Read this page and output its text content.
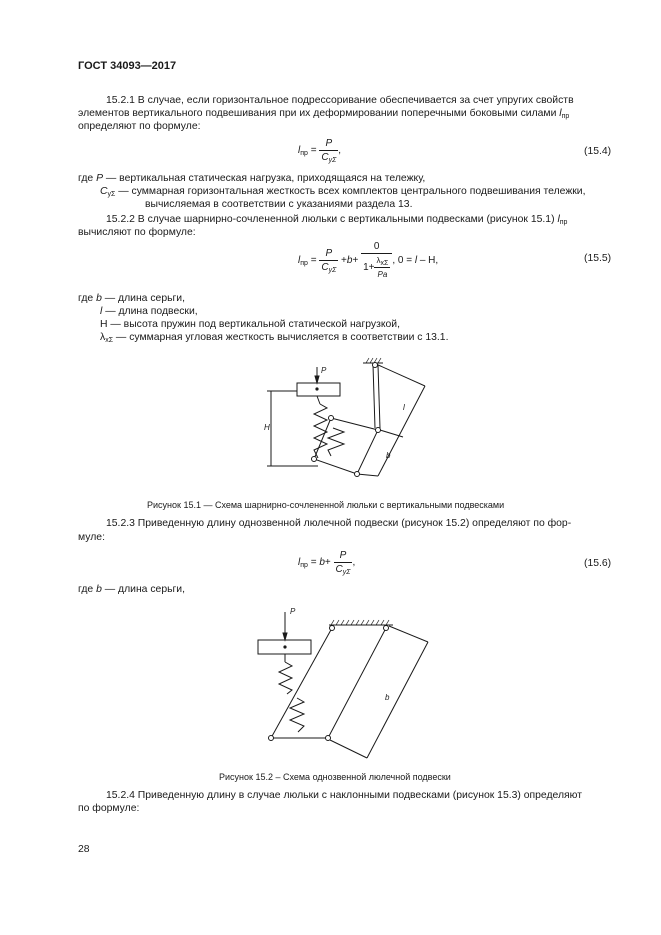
ГОСТ 34093—2017
15.2.1 В случае, если горизонтальное подрессоривание обеспечивается за счет упругих свойств
элементов вертикального подвешивания при их деформировании поперечными боковыми силами $l_{пр}$
определяют по формуле:
$l_{пр} = \frac{P}{C_{y\Sigma}}$ ,	(15.4)
где P — вертикальная статическая нагрузка, приходящаяся на тележку,
$C_{y\Sigma}$ — суммарная горизонтальная жесткость всех комплектов центрального подвешивания тележки,
вычисляемая в соответствии с указаниями раздела 13.
15.2.2 В случае шарнирно-сочлененной люльки с вертикальными подвесками (рисунок 15.1) $l_{пр}$
вычисляют по формуле:
$l_{пр} = \frac{P}{C_{y\Sigma}} +b+ \frac{0}{1+ \frac{\lambda_{x\Sigma}}{Pa}}$ , 0 = l – Н,	(15.5)
где b — длина серьги,
l — длина подвески,
Н — высота пружин под вертикальной статической нагрузкой,
$\lambda_{x\Sigma}$ — суммарная угловая жесткость вычисляется в соответствии с 13.1.
P
H
l
b
Рисунок 15.1 — Схема шарнирно-сочлененной люльки с вертикальными подвесками
15.2.3 Приведенную длину однозвенной люлечной подвески (рисунок 15.2) определяют по фор-
муле:
$l_{пр} = b+ \frac{P}{C_{y\Sigma}}$ ,	(15.6)
где b — длина серьги,
P
b
Рисунок 15.2 – Схема однозвенной люлечной подвески
15.2.4 Приведенную длину в случае люльки с наклонными подвесками (рисунок 15.3) определяют
по формуле:
28
